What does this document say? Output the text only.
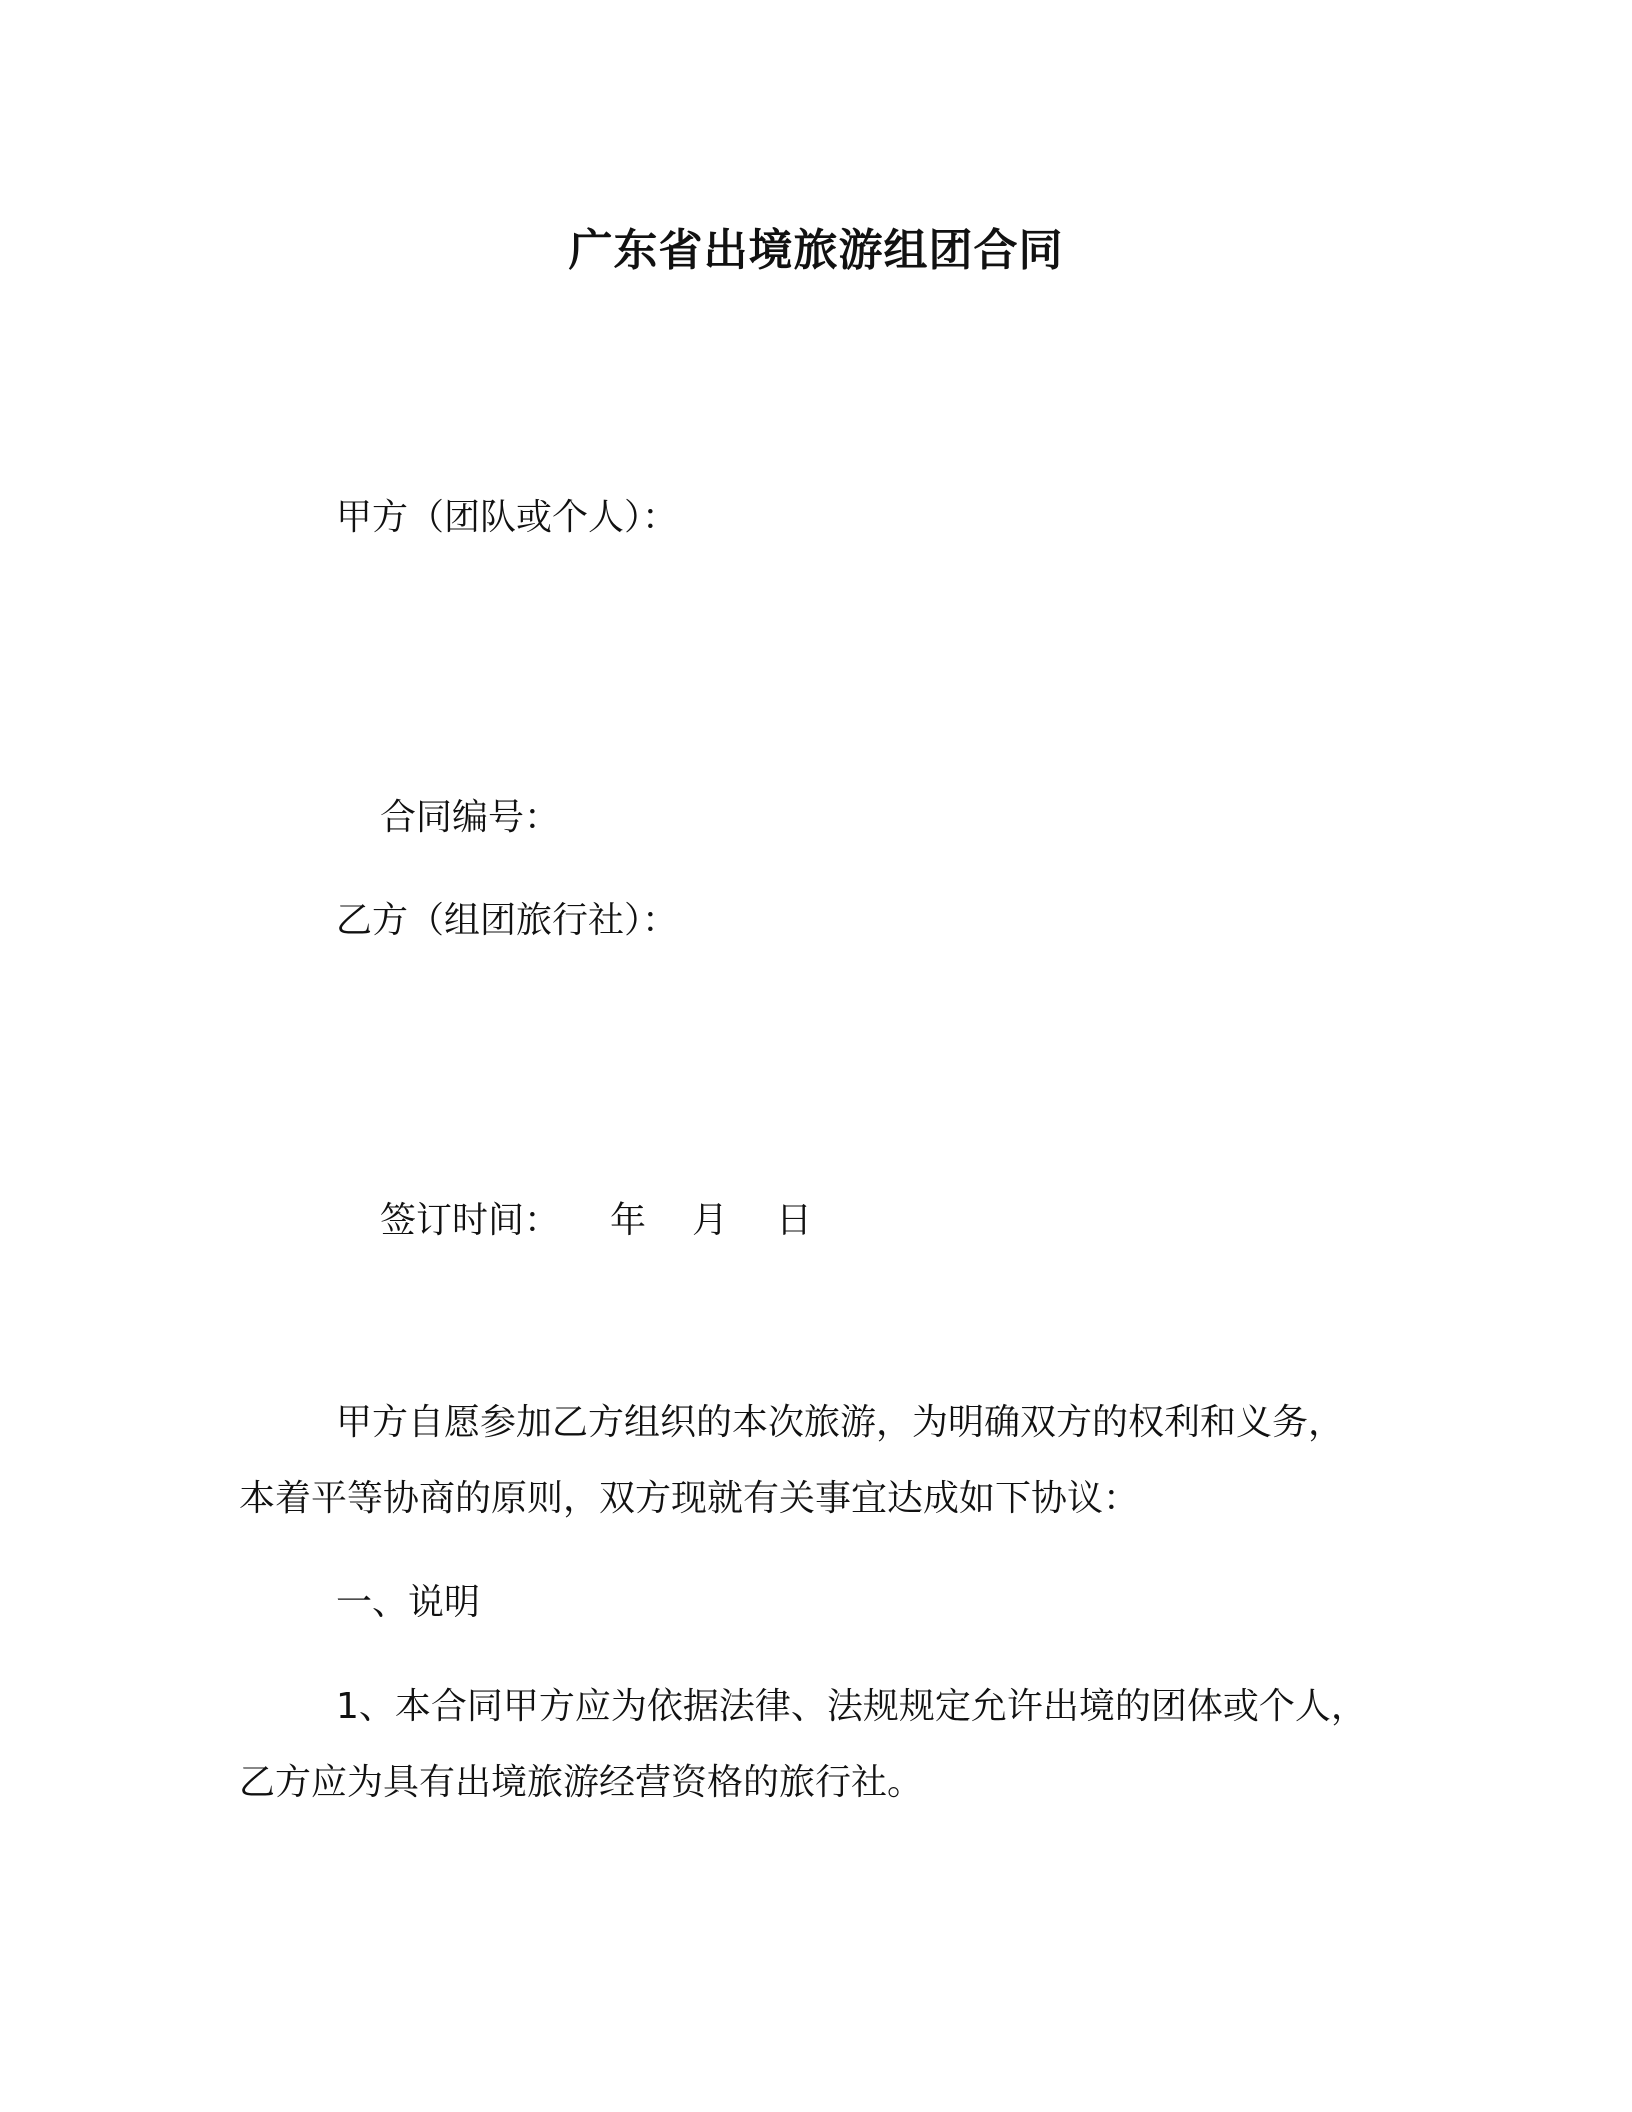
广东省出境旅游组团合同
甲方（团队或个人）：
合同编号：
乙方（组团旅行社）：
签订时间： 年 月 日
甲方自愿参加乙方组织的本次旅游，为明确双方的权利和义务，
本着平等协商的原则，双方现就有关事宜达成如下协议：
一、说明
1、本合同甲方应为依据法律、法规规定允许出境的团体或个人，
乙方应为具有出境旅游经营资格的旅行社。
